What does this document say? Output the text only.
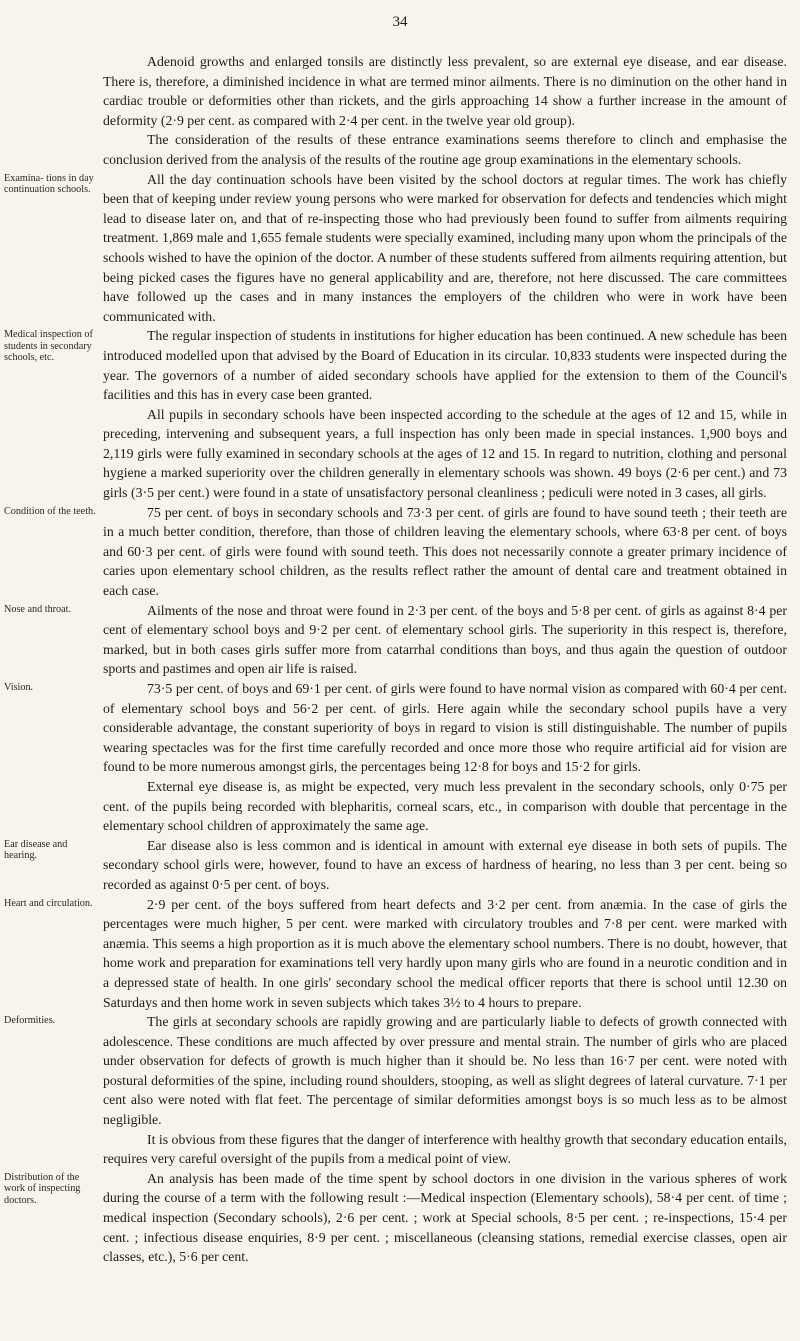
34

Adenoid growths and enlarged tonsils are distinctly less prevalent, so are external eye disease, and ear disease. There is, therefore, a diminished incidence in what are termed minor ailments. There is no diminution on the other hand in cardiac trouble or deformities other than rickets, and the girls approaching 14 show a further increase in the amount of deformity (2·9 per cent. as compared with 2·4 per cent. in the twelve year old group).

The consideration of the results of these entrance examinations seems therefore to clinch and emphasise the conclusion derived from the analysis of the results of the routine age group examinations in the elementary schools.

Examina- tions in day continuation schools.

All the day continuation schools have been visited by the school doctors at regular times. The work has chiefly been that of keeping under review young persons who were marked for observation for defects and tendencies which might lead to disease later on, and that of re-inspecting those who had previously been found to suffer from ailments requiring treatment. 1,869 male and 1,655 female students were specially examined, including many upon whom the principals of the schools wished to have the opinion of the doctor. A number of these students suffered from ailments requiring attention, but being picked cases the figures have no general applicability and are, therefore, not here discussed. The care committees have followed up the cases and in many instances the employers of the children who were in work have been communicated with.

Medical inspection of students in secondary schools, etc.

The regular inspection of students in institutions for higher education has been continued. A new schedule has been introduced modelled upon that advised by the Board of Education in its circular. 10,833 students were inspected during the year. The governors of a number of aided secondary schools have applied for the extension to them of the Council's facilities and this has in every case been granted.

All pupils in secondary schools have been inspected according to the schedule at the ages of 12 and 15, while in preceding, intervening and subsequent years, a full inspection has only been made in special instances. 1,900 boys and 2,119 girls were fully examined in secondary schools at the ages of 12 and 15. In regard to nutrition, clothing and personal hygiene a marked superiority over the children generally in elementary schools was shown. 49 boys (2·6 per cent.) and 73 girls (3·5 per cent.) were found in a state of unsatisfactory personal cleanliness ; pediculi were noted in 3 cases, all girls.

Condition of the teeth.	75 per cent. of boys in secondary schools and 73·3 per cent. of girls are found to have sound teeth ; their teeth are in a much better condition, therefore, than those of children leaving the elementary schools, where 63·8 per cent. of boys and 60·3 per cent. of girls were found with sound teeth. This does not necessarily connote a greater primary incidence of caries upon elementary school children, as the results reflect rather the amount of dental care and treatment obtained in each case.

Nose and throat.	Ailments of the nose and throat were found in 2·3 per cent. of the boys and 5·8 per cent. of girls as against 8·4 per cent of elementary school boys and 9·2 per cent. of elementary school girls. The superiority in this respect is, therefore, marked, but in both cases girls suffer more from catarrhal conditions than boys, and thus again the question of outdoor sports and pastimes and open air life is raised.

Vision.	73·5 per cent. of boys and 69·1 per cent. of girls were found to have normal vision as compared with 60·4 per cent. of elementary school boys and 56·2 per cent. of girls. Here again while the secondary school pupils have a very considerable advantage, the constant superiority of boys in regard to vision is still distinguishable. The number of pupils wearing spectacles was for the first time carefully recorded and once more those who require artificial aid for vision are found to be more numerous amongst girls, the percentages being 12·8 for boys and 15·2 for girls.

External eye disease is, as might be expected, very much less prevalent in the secondary schools, only 0·75 per cent. of the pupils being recorded with blepharitis, corneal scars, etc., in comparison with double that percentage in the elementary school children of approximately the same age.

Ear disease and hearing.

Ear disease also is less common and is identical in amount with external eye disease in both sets of pupils. The secondary school girls were, however, found to have an excess of hardness of hearing, no less than 3 per cent. being so recorded as against 0·5 per cent. of boys.

Heart and circulation.	2·9 per cent. of the boys suffered from heart defects and 3·2 per cent. from anæmia. In the case of girls the percentages were much higher, 5 per cent. were marked with circulatory troubles and 7·8 per cent. were marked with anæmia. This seems a high proportion as it is much above the elementary school numbers. There is no doubt, however, that home work and preparation for examinations tell very hardly upon many girls who are found in a neurotic condition and in a depressed state of health. In one girls' secondary school the medical officer reports that there is school until 12.30 on Saturdays and then home work in seven subjects which takes 3½ to 4 hours to prepare.

Deformities.	The girls at secondary schools are rapidly growing and are particularly liable to defects of growth connected with adolescence. These conditions are much affected by over pressure and mental strain. The number of girls who are placed under observation for defects of growth is much higher than it should be. No less than 16·7 per cent. were noted with postural deformities of the spine, including round shoulders, stooping, as well as slight degrees of lateral curvature. 7·1 per cent also were noted with flat feet. The percentage of similar deformities amongst boys is so much less as to be almost negligible.

It is obvious from these figures that the danger of interference with healthy growth that secondary education entails, requires very careful oversight of the pupils from a medical point of view.

Distribution of the work of inspecting doctors.

An analysis has been made of the time spent by school doctors in one division in the various spheres of work during the course of a term with the following result :—Medical inspection (Elementary schools), 58·4 per cent. of time ; medical inspection (Secondary schools), 2·6 per cent. ; work at Special schools, 8·5 per cent. ; re-inspections, 15·4 per cent. ; infectious disease enquiries, 8·9 per cent. ; miscellaneous (cleansing stations, remedial exercise classes, open air classes, etc.), 5·6 per cent.
